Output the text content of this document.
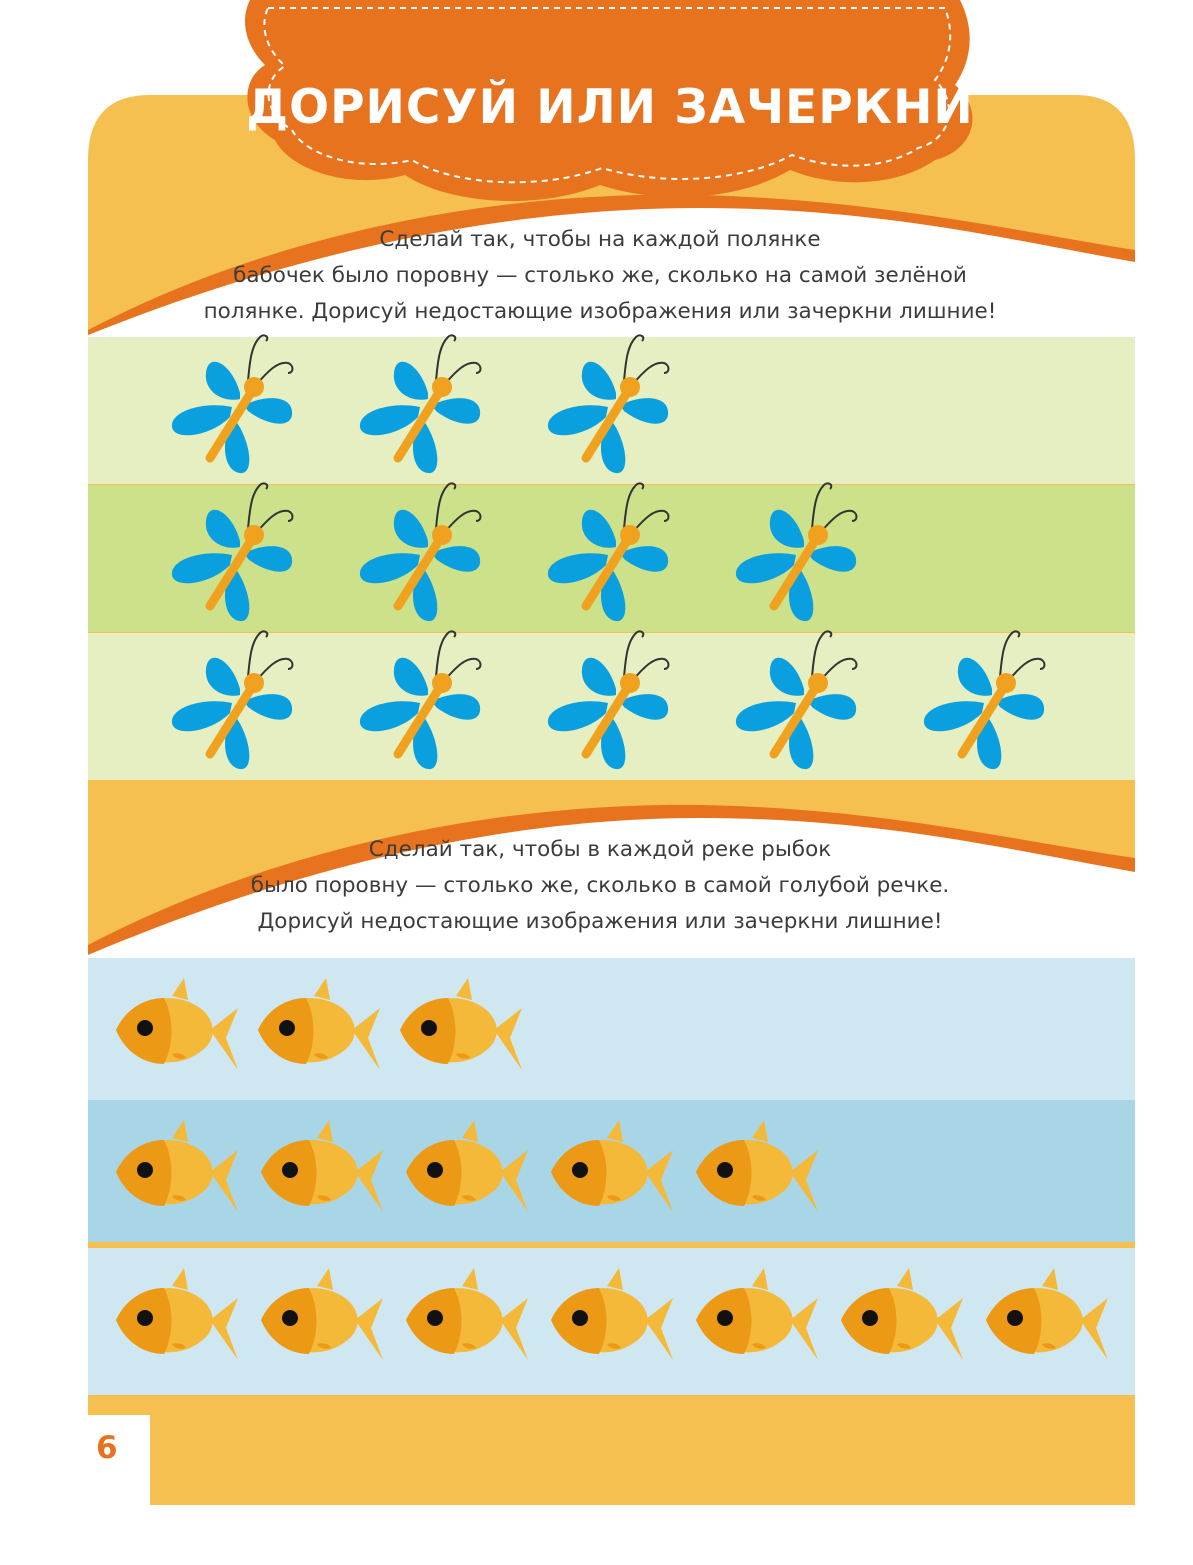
ДОРИСУЙ ИЛИ ЗАЧЕРКНИ
Сделай так, чтобы на каждой полянке
бабочек было поровну — столько же, сколько на самой зелёной
полянке. Дорисуй недостающие изображения или зачеркни лишние!
Сделай так, чтобы в каждой реке рыбок
было поровну — столько же, сколько в самой голубой речке.
Дорисуй недостающие изображения или зачеркни лишние!
6
